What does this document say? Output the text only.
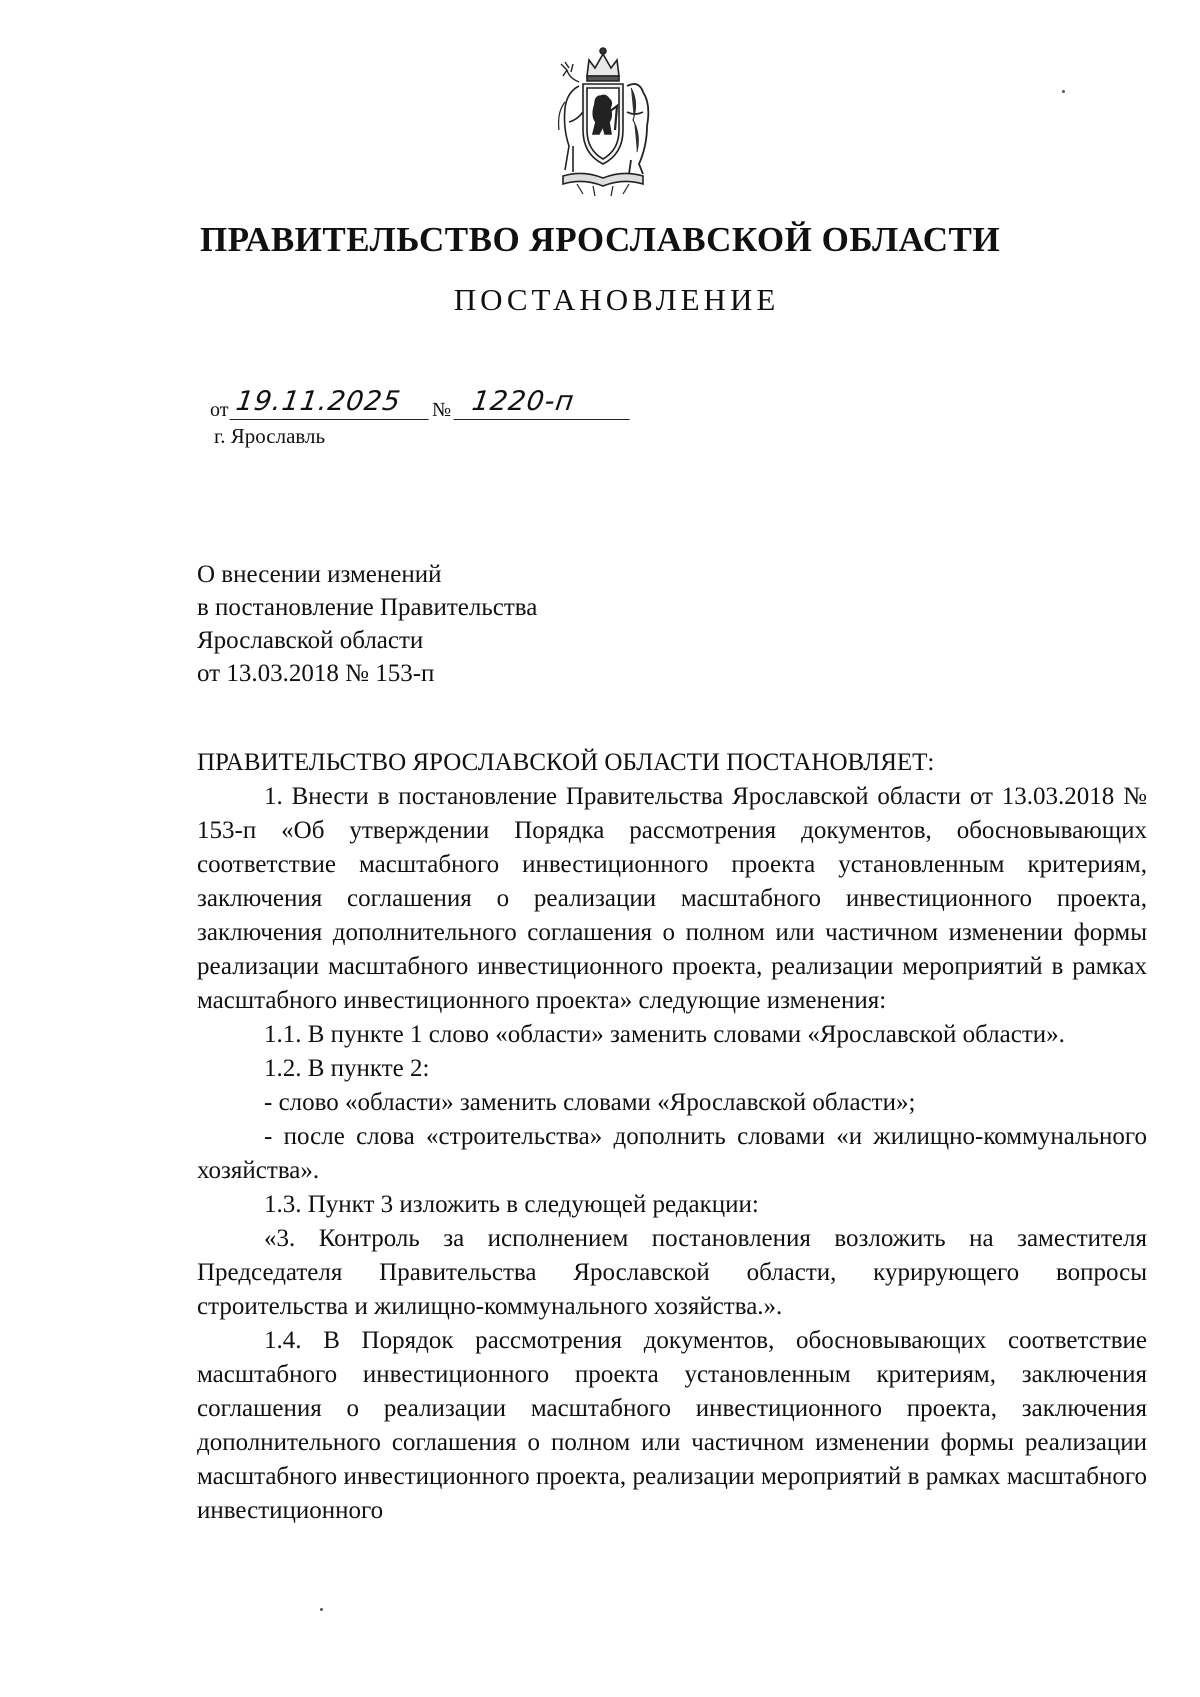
ПРАВИТЕЛЬСТВО ЯРОСЛАВСКОЙ ОБЛАСТИ
ПОСТАНОВЛЕНИЕ
от 19.11.2025	№ 1220-п
г. Ярославль
О внесении изменений
в постановление Правительства
Ярославской области
от 13.03.2018 № 153-п

ПРАВИТЕЛЬСТВО ЯРОСЛАВСКОЙ ОБЛАСТИ ПОСТАНОВЛЯЕТ:

1. Внести в постановление Правительства Ярославской области от 13.03.2018 № 153-п «Об утверждении Порядка рассмотрения документов, обосновывающих соответствие масштабного инвестиционного проекта установленным критериям, заключения соглашения о реализации масштабного инвестиционного проекта, заключения дополнительного соглашения о полном или частичном изменении формы реализации масштабного инвестиционного проекта, реализации мероприятий в рамках масштабного инвестиционного проекта» следующие изменения:

1.1. В пункте 1 слово «области» заменить словами «Ярославской области».

1.2. В пункте 2:

- слово «области» заменить словами «Ярославской области»;

- после слова «строительства» дополнить словами «и жилищно-коммунального хозяйства».

1.3. Пункт 3 изложить в следующей редакции:

«3. Контроль за исполнением постановления возложить на заместителя Председателя Правительства Ярославской области, курирующего вопросы строительства и жилищно-коммунального хозяйства.».

1.4. В Порядок рассмотрения документов, обосновывающих соответствие масштабного инвестиционного проекта установленным критериям, заключения соглашения о реализации масштабного инвестиционного проекта, заключения дополнительного соглашения о полном или частичном изменении формы реализации масштабного инвестиционного проекта, реализации мероприятий в рамках масштабного инвестиционного
